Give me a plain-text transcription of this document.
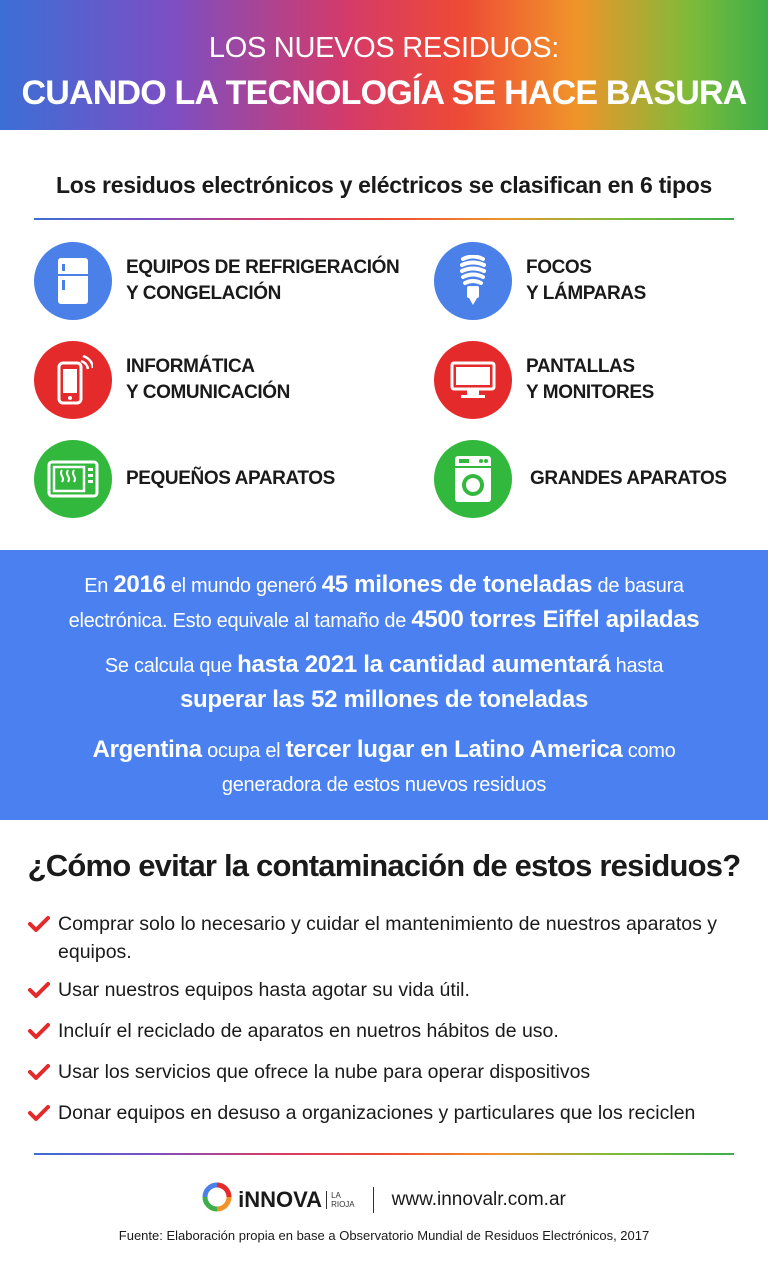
LOS NUEVOS RESIDUOS:
CUANDO LA TECNOLOGÍA SE HACE BASURA
Los residuos electrónicos y eléctricos se clasifican en 6 tipos
EQUIPOS DE REFRIGERACIÓN
Y CONGELACIÓN
FOCOS
Y LÁMPARAS
INFORMÁTICA
Y COMUNICACIÓN
PANTALLAS
Y MONITORES
PEQUEÑOS APARATOS	GRANDES APARATOS

En 2016 el mundo generó 45 milones de toneladas de basura
electrónica. Esto equivale al tamaño de 4500 torres Eiffel apiladas

Se calcula que hasta 2021 la cantidad aumentará hasta
superar las 52 millones de toneladas

Argentina ocupa el tercer lugar en Latino America como
generadora de estos nuevos residuos

¿Cómo evitar la contaminación de estos residuos?
Comprar solo lo necesario y cuidar el mantenimiento de nuestros aparatos y equipos.
Usar nuestros equipos hasta agotar su vida útil.
Incluír el reciclado de aparatos en nuetros hábitos de uso.
Usar los servicios que ofrece la nube para operar dispositivos
Donar equipos en desuso a organizaciones y particulares que los reciclen
iNNOVA	LA
RIOJA www.innovalr.com.ar
Fuente: Elaboración propia en base a Observatorio Mundial de Residuos Electrónicos, 2017
